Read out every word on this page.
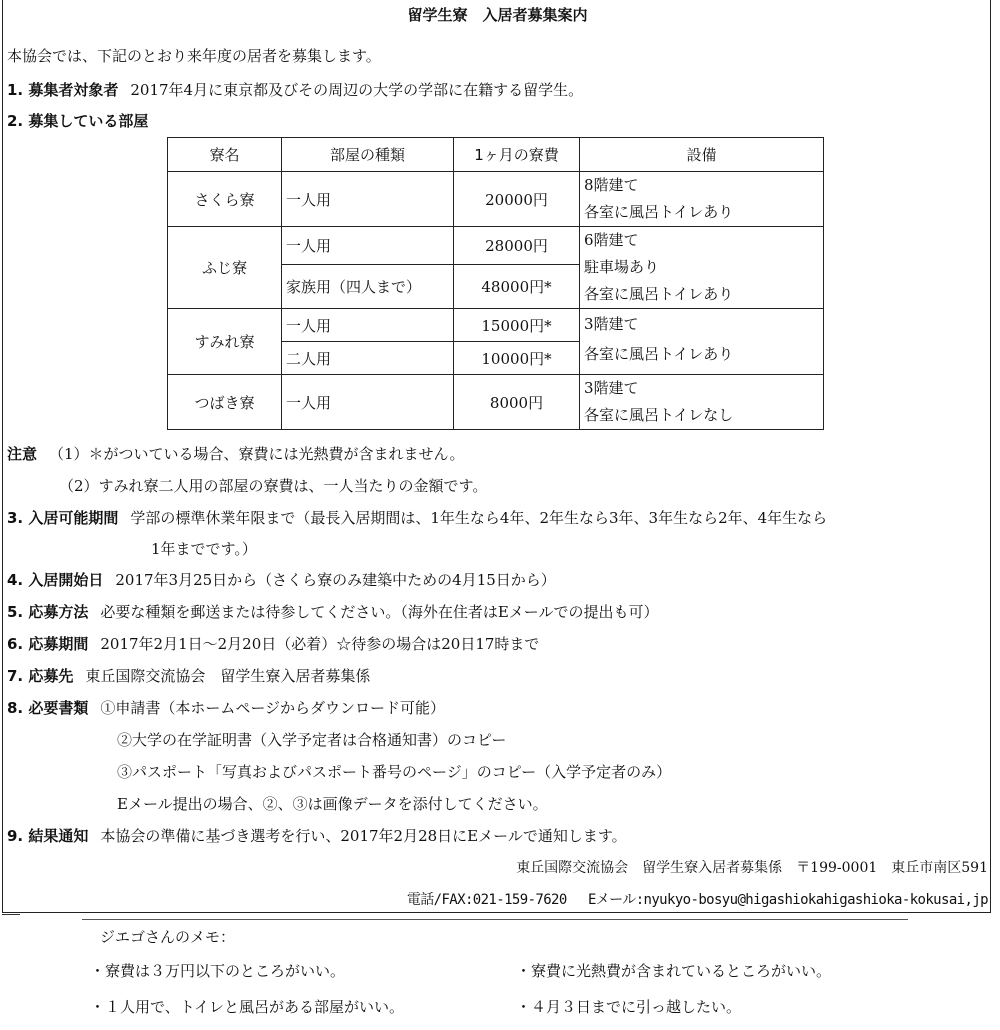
留学生寮　入居者募集案内
本協会では、下記のとおり来年度の居者を募集します。
1. 募集者対象者 2017年4月に東京都及びその周辺の大学の学部に在籍する留学生。
2. 募集している部屋
寮名	部屋の種類	1ヶ月の寮費	設備
さくら寮	一人用	20000円	8階建て
各室に風呂トイレあり

ふじ寮	一人用	28000円	6階建て
駐車場あり
各室に風呂トイレあり

	家族用（四人まで）	48000円*	
すみれ寮	一人用	15000円*	3階建て
各室に風呂トイレあり

	二人用	10000円*	
つばき寮	一人用	8000円	3階建て
各室に風呂トイレなし
注意 （1）＊がついている場合、寮費には光熱費が含まれません。
（2）すみれ寮二人用の部屋の寮費は、一人当たりの金額です。
3. 入居可能期間 学部の標準休業年限まで（最長入居期間は、1年生なら4年、2年生なら3年、3年生なら2年、4年生なら
1年までです。）
4. 入居開始日 2017年3月25日から（さくら寮のみ建築中ための4月15日から）
5. 応募方法 必要な種類を郵送または待参してください。（海外在住者はEメールでの提出も可）
6. 応募期間 2017年2月1日～2月20日（必着）☆待参の場合は20日17時まで
7. 応募先 東丘国際交流協会　留学生寮入居者募集係
8. 必要書類 ①申請書（本ホームページからダウンロード可能）
②大学の在学証明書（入学予定者は合格通知書）のコピー
③パスポート「写真およびパスポート番号のページ」のコピー（入学予定者のみ）
Eメール提出の場合、②、③は画像データを添付してください。
9. 結果通知 本協会の準備に基づき選考を行い、2017年2月28日にEメールで通知します。
東丘国際交流協会　留学生寮入居者募集係　〒199-0001　東丘市南区591
電話/FAX:021-159-7620　 Eメール:nyukyo-bosyu@higashiokahigashioka-kokusai,jp
ジエゴさんのメモ：
・寮費は３万円以下のところがいい。	・寮費に光熱費が含まれているところがいい。
・１人用で、トイレと風呂がある部屋がいい。	・４月３日までに引っ越したい。
